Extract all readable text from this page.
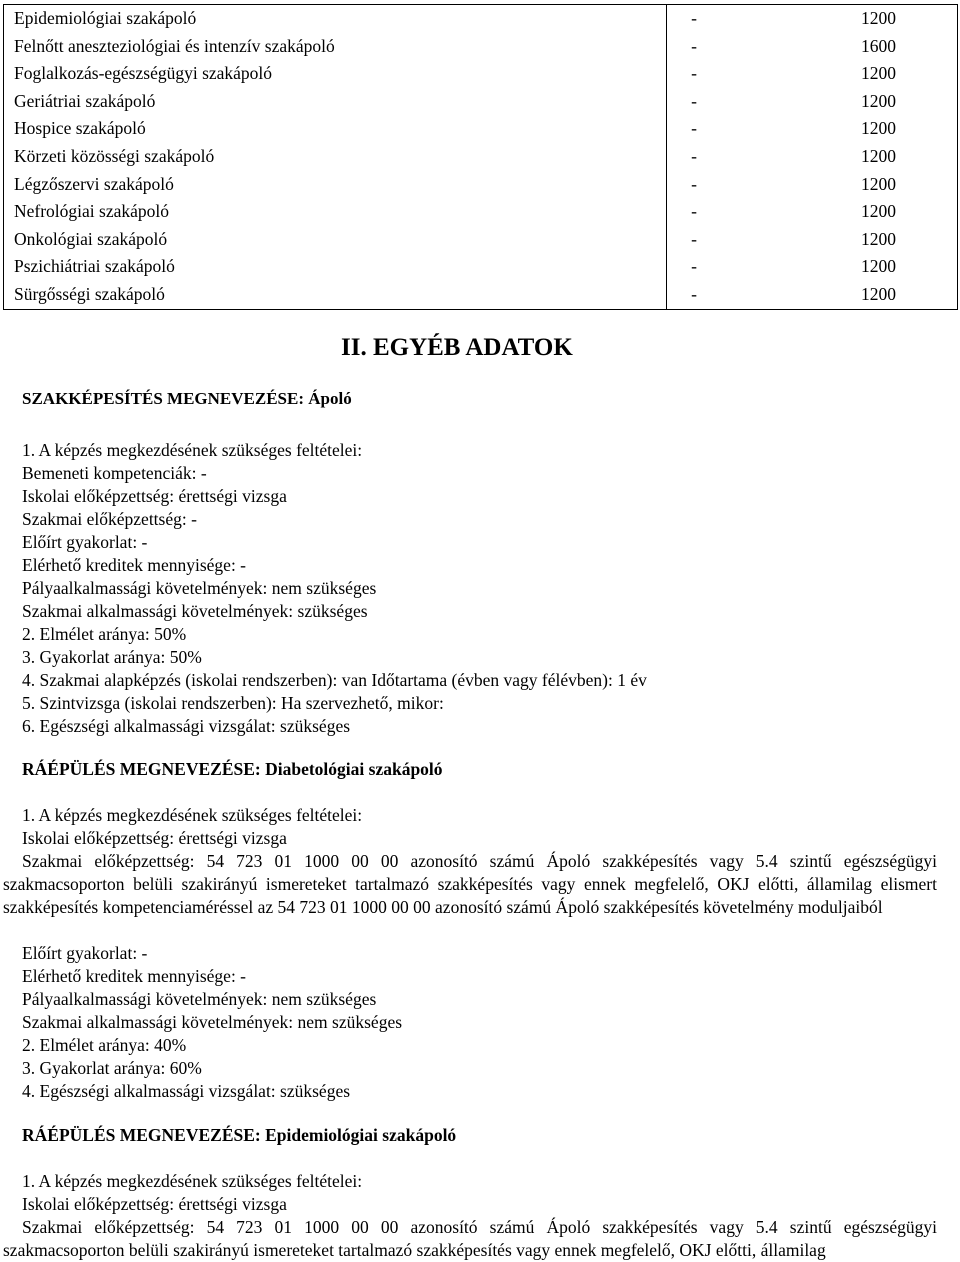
Epidemiológiai szakápoló	-	1200
Felnőtt aneszteziológiai és intenzív szakápoló	-	1600
Foglalkozás-egészségügyi szakápoló	-	1200
Geriátriai szakápoló	-	1200
Hospice szakápoló	-	1200
Körzeti közösségi szakápoló	-	1200
Légzőszervi szakápoló	-	1200
Nefrológiai szakápoló	-	1200
Onkológiai szakápoló	-	1200
Pszichiátriai szakápoló	-	1200
Sürgősségi szakápoló	-	1200
II. EGYÉB ADATOK
SZAKKÉPESÍTÉS MEGNEVEZÉSE: Ápoló
1. A képzés megkezdésének szükséges feltételei:
Bemeneti kompetenciák: -
Iskolai előképzettség: érettségi vizsga
Szakmai előképzettség: -
Előírt gyakorlat: -
Elérhető kreditek mennyisége: -
Pályaalkalmassági követelmények: nem szükséges
Szakmai alkalmassági követelmények: szükséges
2. Elmélet aránya: 50%
3. Gyakorlat aránya: 50%
4. Szakmai alapképzés (iskolai rendszerben): van Időtartama (évben vagy félévben): 1 év
5. Szintvizsga (iskolai rendszerben): Ha szervezhető, mikor:
6. Egészségi alkalmassági vizsgálat: szükséges
RÁÉPÜLÉS MEGNEVEZÉSE: Diabetológiai szakápoló
1. A képzés megkezdésének szükséges feltételei:
Iskolai előképzettség: érettségi vizsga
Szakmai előképzettség: 54 723 01 1000 00 00 azonosító számú Ápoló szakképesítés vagy 5.4 szintű egészségügyi szakmacsoporton belüli szakirányú ismereteket tartalmazó szakképesítés vagy ennek megfelelő, OKJ előtti, államilag elismert szakképesítés kompetenciaméréssel az 54 723 01 1000 00 00 azonosító számú Ápoló szakképesítés követelmény moduljaiból
Előírt gyakorlat: -
Elérhető kreditek mennyisége: -
Pályaalkalmassági követelmények: nem szükséges
Szakmai alkalmassági követelmények: nem szükséges
2. Elmélet aránya: 40%
3. Gyakorlat aránya: 60%
4. Egészségi alkalmassági vizsgálat: szükséges
RÁÉPÜLÉS MEGNEVEZÉSE: Epidemiológiai szakápoló
1. A képzés megkezdésének szükséges feltételei:
Iskolai előképzettség: érettségi vizsga
Szakmai előképzettség: 54 723 01 1000 00 00 azonosító számú Ápoló szakképesítés vagy 5.4 szintű egészségügyi szakmacsoporton belüli szakirányú ismereteket tartalmazó szakképesítés vagy ennek megfelelő, OKJ előtti, államilag
